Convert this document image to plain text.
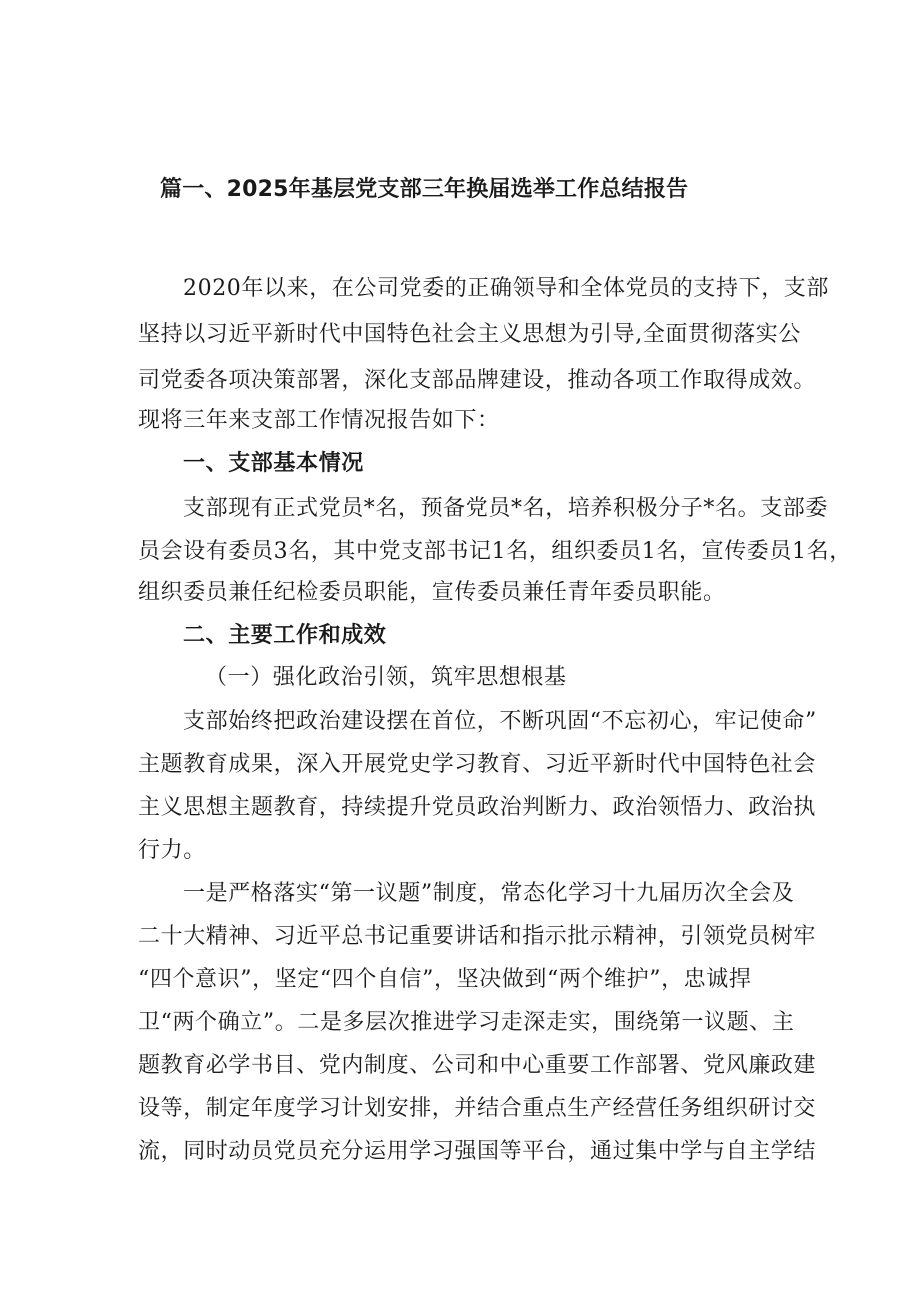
篇一、2025年基层党支部三年换届选举工作总结报告

2020年以来，在公司党委的正确领导和全体党员的支持下，支部

坚持以习近平新时代中国特色社会主义思想为引导,全面贯彻落实公

司党委各项决策部署，深化支部品牌建设，推动各项工作取得成效。

现将三年来支部工作情况报告如下：

一、支部基本情况

支部现有正式党员*名，预备党员*名，培养积极分子*名。支部委

员会设有委员3名，其中党支部书记1名，组织委员1名，宣传委员1名，

组织委员兼任纪检委员职能，宣传委员兼任青年委员职能。

二、主要工作和成效

（一）强化政治引领，筑牢思想根基

支部始终把政治建设摆在首位，不断巩固“不忘初心，牢记使命”

主题教育成果，深入开展党史学习教育、习近平新时代中国特色社会

主义思想主题教育，持续提升党员政治判断力、政治领悟力、政治执

行力。

一是严格落实“第一议题”制度，常态化学习十九届历次全会及

二十大精神、习近平总书记重要讲话和指示批示精神，引领党员树牢

“四个意识”，坚定“四个自信”，坚决做到“两个维护”，忠诚捍

卫“两个确立”。二是多层次推进学习走深走实，围绕第一议题、主

题教育必学书目、党内制度、公司和中心重要工作部署、党风廉政建

设等，制定年度学习计划安排，并结合重点生产经营任务组织研讨交

流，同时动员党员充分运用学习强国等平台，通过集中学与自主学结
